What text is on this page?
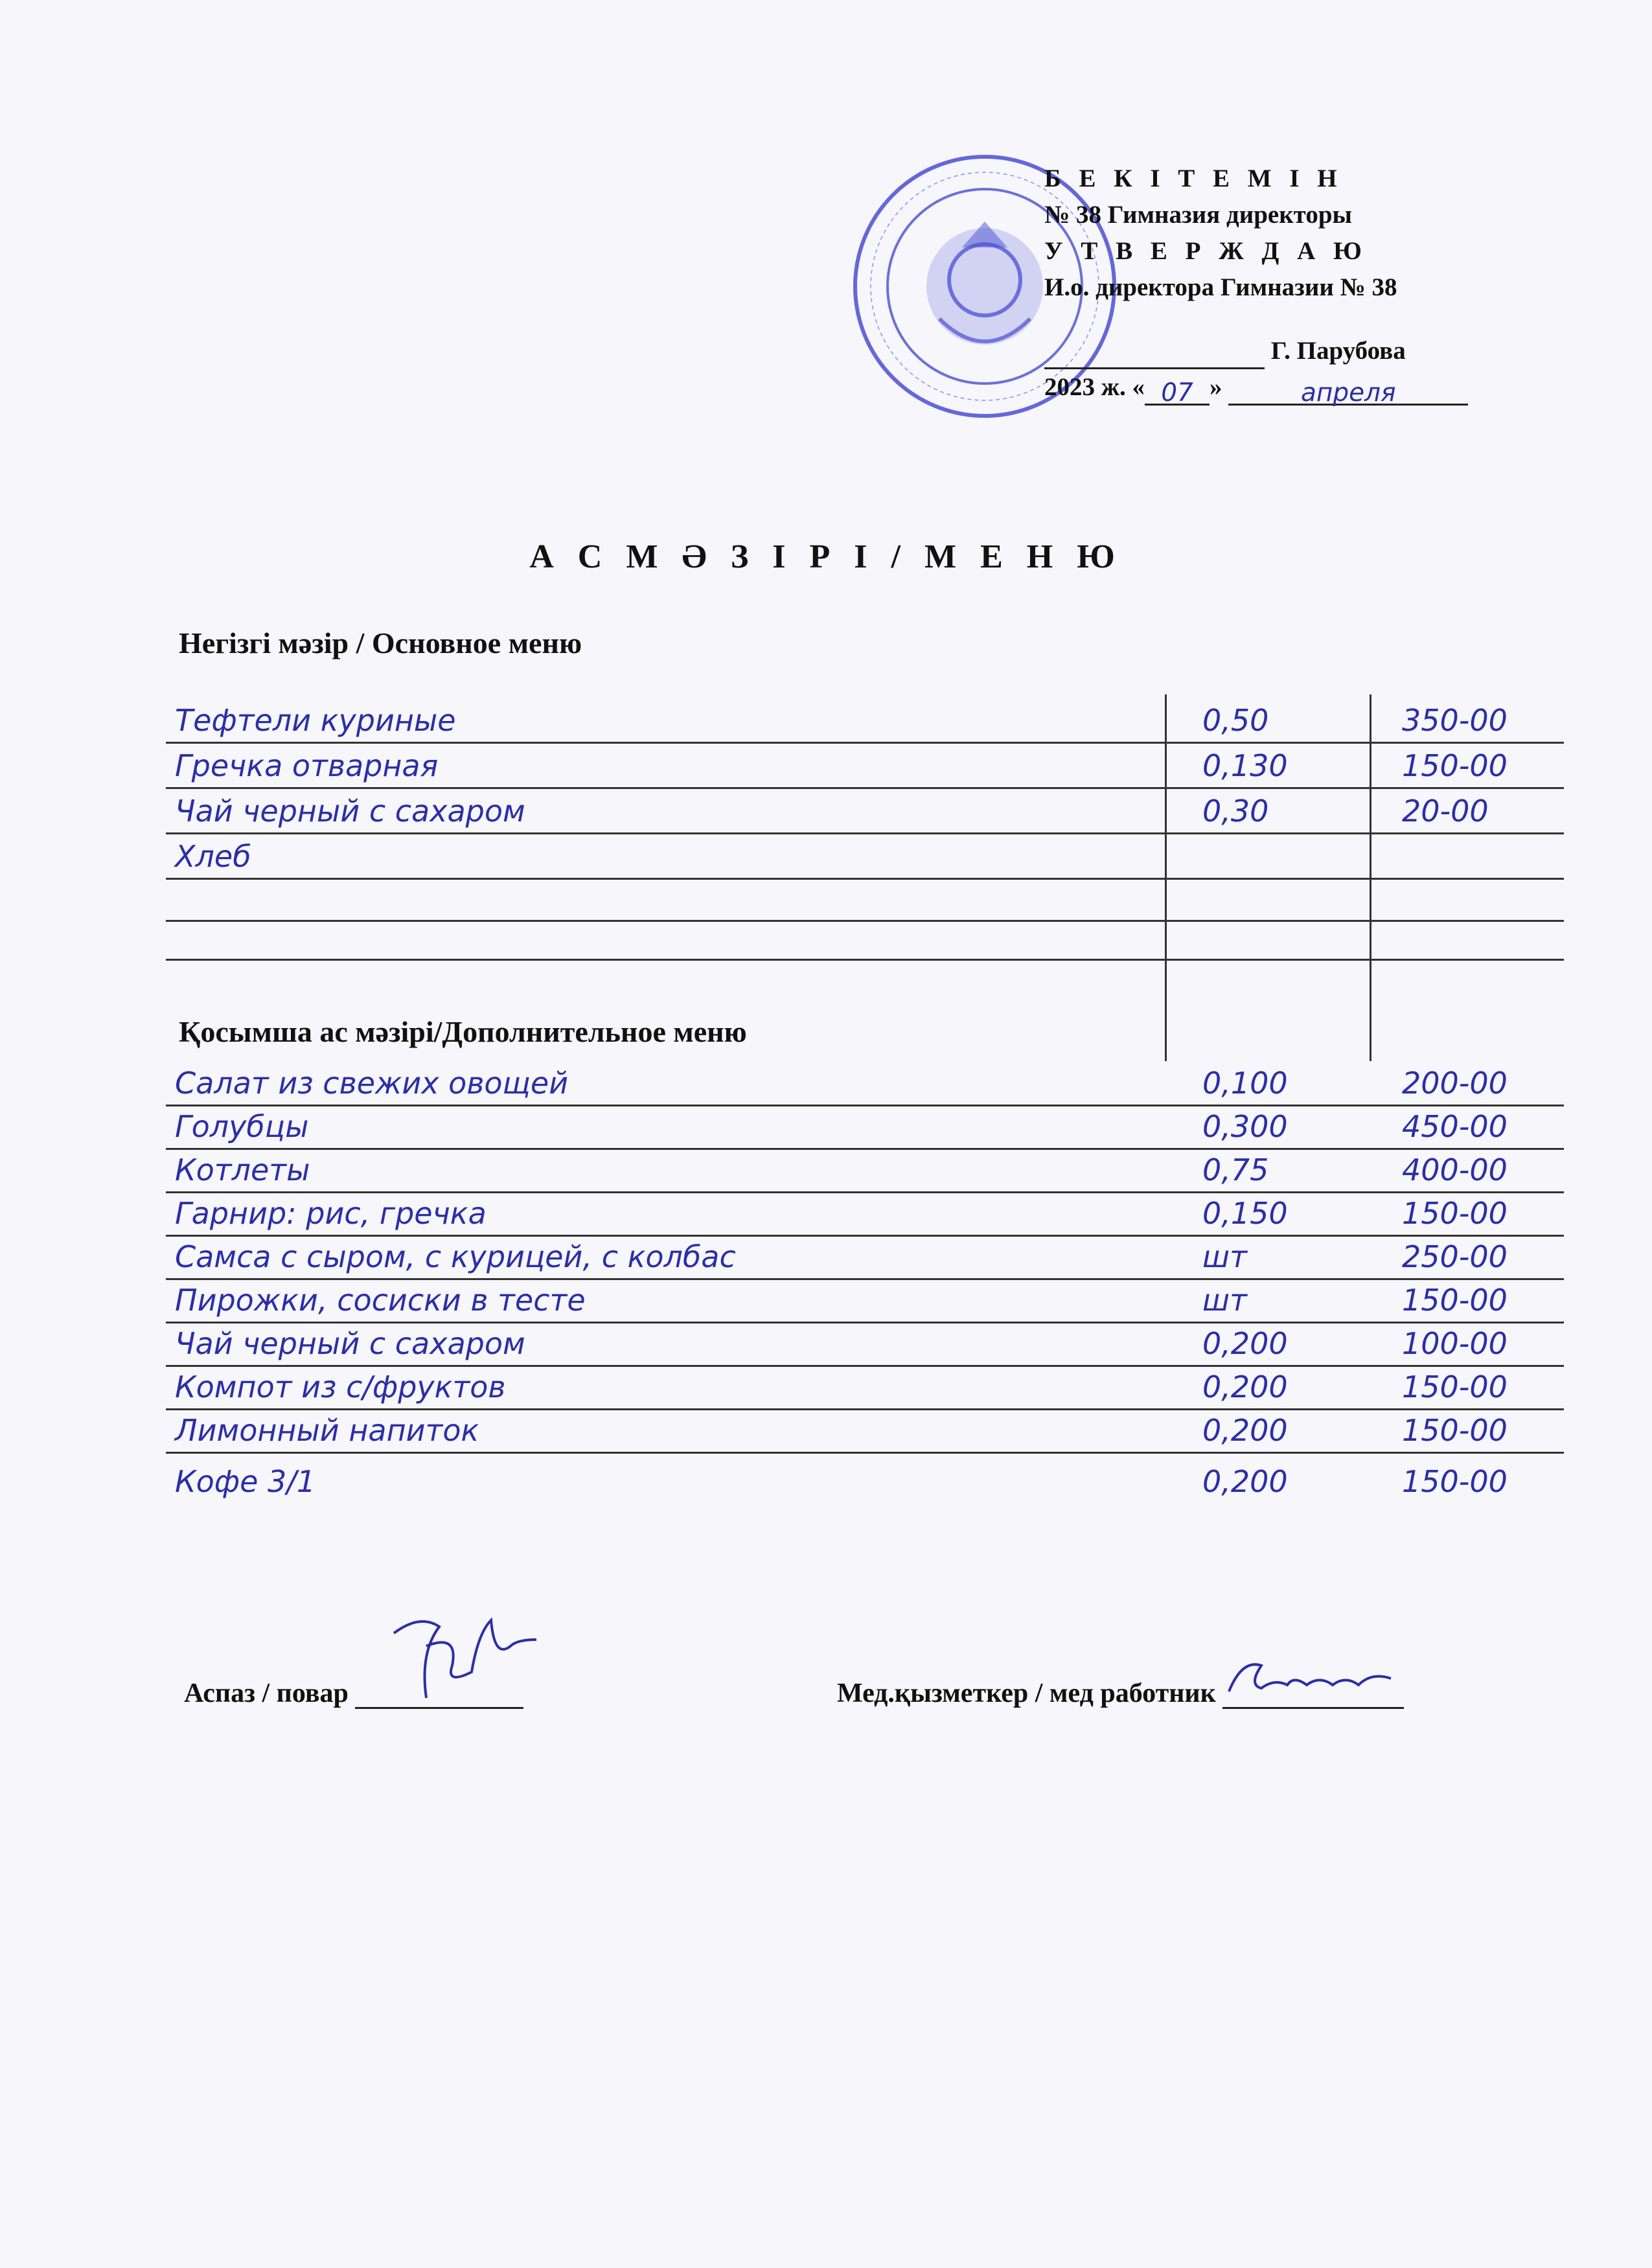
Б Е К І Т Е М І Н
№ 38 Гимназия директоры
У Т В Е Р Ж Д А Ю
И.о. директора Гимназии № 38
Г. Парубова
2023 ж. « 07 »	апреля
А С М Ә З І Р І / М Е Н Ю
Негізгі мәзір / Основное меню
Тефтели куриные	0,50	350-00
Гречка отварная	0,130	150-00
Чай черный с сахаром	0,30	20-00
Хлеб
Қосымша ас мәзірі/Дополнительное меню
Салат из свежих овощей	0,100	200-00
Голубцы	0,300	450-00
Котлеты	0,75	400-00
Гарнир: рис, гречка	0,150	150-00
Самса с сыром, с курицей, с колбас	шт	250-00
Пирожки, сосиски в тесте	шт	150-00
Чай черный с сахаром	0,200	100-00
Компот из с/фруктов	0,200	150-00
Лимонный напиток	0,200	150-00
Кофе 3/1	0,200	150-00
Аспаз / повар	Мед.қызметкер / мед работник
